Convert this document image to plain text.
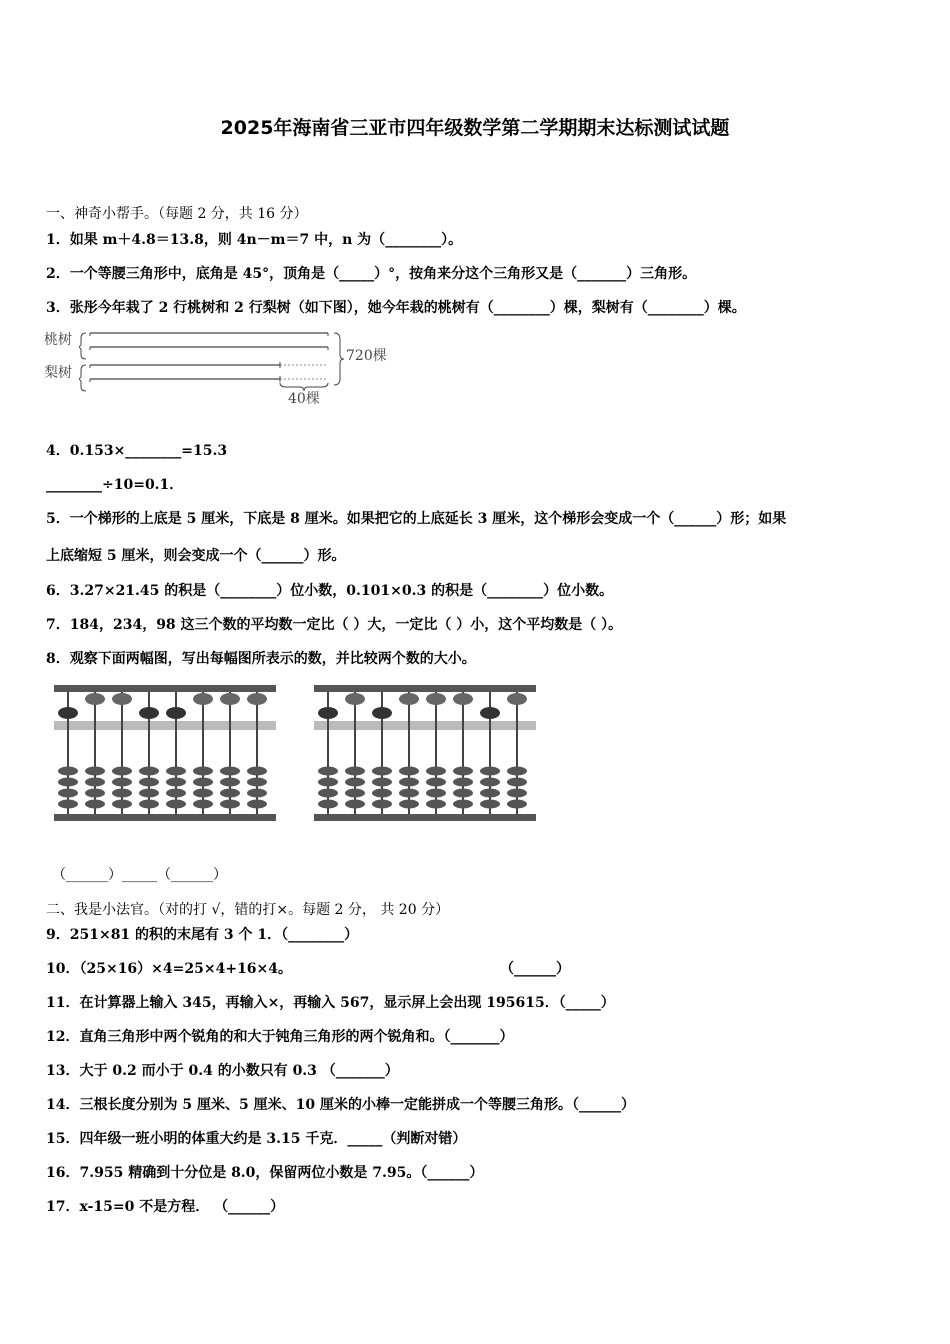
2025年海南省三亚市四年级数学第二学期期末达标测试试题
一、神奇小帮手。（每题 2 分，共 16 分）
1．如果 m＋4.8＝13.8，则 4n－m＝7 中，n 为（________）。
2．一个等腰三角形中，底角是 45°，顶角是（_____）°，按角来分这个三角形又是（_______）三角形。
3．张彤今年栽了 2 行桃树和 2 行梨树（如下图），她今年栽的桃树有（________）棵，梨树有（________）棵。
桃树
梨树
40棵
720棵
4．0.153×________=15.3
________÷10=0.1．
5．一个梯形的上底是 5 厘米，下底是 8 厘米。如果把它的上底延长 3 厘米，这个梯形会变成一个（______）形；如果
上底缩短 5 厘米，则会变成一个（______）形。
6．3.27×21.45 的积是（________）位小数，0.101×0.3 的积是（________）位小数。
7．184，234，98 这三个数的平均数一定比（ ）大，一定比（ ）小，这个平均数是（ ）。
8．观察下面两幅图，写出每幅图所表示的数，并比较两个数的大小。
（______）_____（______）
二、我是小法官。（对的打 √，错的打×。每题 2 分， 共 20 分）
9．251×81 的积的末尾有 3 个 1．（________）
10．（25×16）×4=25×4+16×4。	（______）
11．在计算器上输入 345，再输入×，再输入 567，显示屏上会出现 195615．（_____）
12．直角三角形中两个锐角的和大于钝角三角形的两个锐角和。（_______）
13．大于 0.2 而小于 0.4 的小数只有 0.3 （_______）
14．三根长度分别为 5 厘米、5 厘米、10 厘米的小棒一定能拼成一个等腰三角形。（______）
15．四年级一班小明的体重大约是 3.15 千克．_____（判断对错）
16．7.955 精确到十分位是 8.0，保留两位小数是 7.95。（______）
17．x-15=0 不是方程． （______）
